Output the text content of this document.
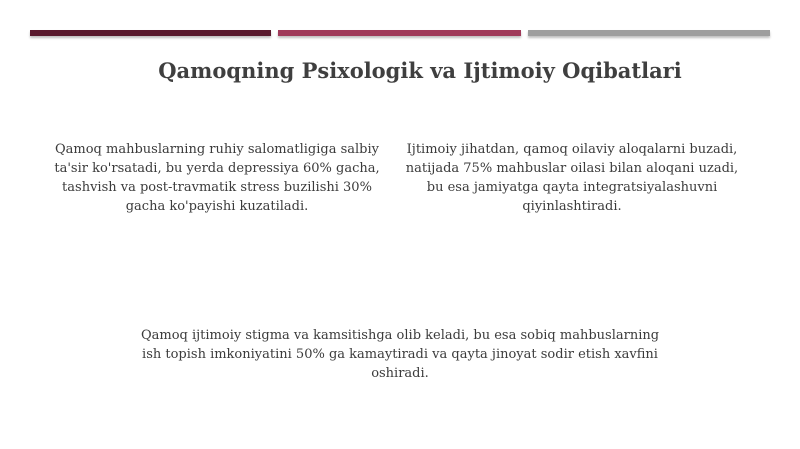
Qamoqning Psixologik va Ijtimoiy Oqibatlari
Qamoq mahbuslarning ruhiy salomatligiga salbiy ta'sir ko'rsatadi, bu yerda depressiya 60% gacha, tashvish va post-travmatik stress buzilishi 30% gacha ko'payishi kuzatiladi.
Ijtimoiy jihatdan, qamoq oilaviy aloqalarni buzadi, natijada 75% mahbuslar oilasi bilan aloqani uzadi, bu esa jamiyatga qayta integratsiyalashuvni qiyinlashtiradi.
Qamoq ijtimoiy stigma va kamsitishga olib keladi, bu esa sobiq mahbuslarning ish topish imkoniyatini 50% ga kamaytiradi va qayta jinoyat sodir etish xavfini oshiradi.
